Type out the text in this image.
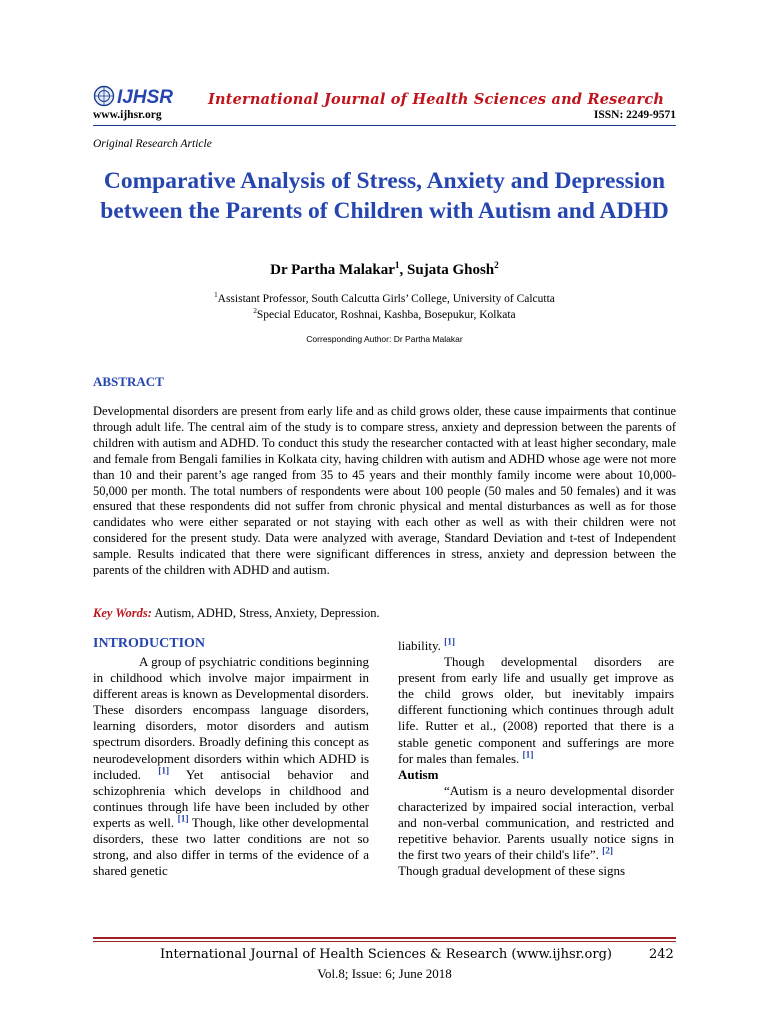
IJHSR International Journal of Health Sciences and Research
www.ijhsr.org	ISSN: 2249-9571
Original Research Article
Comparative Analysis of Stress, Anxiety and Depression between the Parents of Children with Autism and ADHD
Dr Partha Malakar$^1$, Sujata Ghosh$^2$
$^1$Assistant Professor, South Calcutta Girls’ College, University of Calcutta
$^2$Special Educator, Roshnai, Kashba, Bosepukur, Kolkata
Corresponding Author: Dr Partha Malakar
ABSTRACT

Developmental disorders are present from early life and as child grows older, these cause impairments that continue through adult life. The central aim of the study is to compare stress, anxiety and depression between the parents of children with autism and ADHD. To conduct this study the researcher contacted with at least higher secondary, male and female from Bengali families in Kolkata city, having children with autism and ADHD whose age were not more than 10 and their parent’s age ranged from 35 to 45 years and their monthly family income were about 10,000-50,000 per month. The total numbers of respondents were about 100 people (50 males and 50 females) and it was ensured that these respondents did not suffer from chronic physical and mental disturbances as well as for those candidates who were either separated or not staying with each other as well as with their children were not considered for the present study. Data were analyzed with average, Standard Deviation and t-test of Independent sample. Results indicated that there were significant differences in stress, anxiety and depression between the parents of the children with ADHD and autism.

Key Words: Autism, ADHD, Stress, Anxiety, Depression.
INTRODUCTION

A group of psychiatric conditions beginning in childhood which involve major impairment in different areas is known as Developmental disorders. These disorders encompass language disorders, learning disorders, motor disorders and autism spectrum disorders. Broadly defining this concept as neurodevelopment disorders within which ADHD is included. [1] Yet antisocial behavior and schizophrenia which develops in childhood and continues through life have been included by other experts as well. [1] Though, like other developmental disorders, these two latter conditions are not so strong, and also differ in terms of the evidence of a shared genetic

liability. [1]

Though developmental disorders are present from early life and usually get improve as the child grows older, but inevitably impairs different functioning which continues through adult life. Rutter et al., (2008) reported that there is a stable genetic component and sufferings are more for males than females. [1]

Autism

“Autism is a neuro developmental disorder characterized by impaired social interaction, verbal and non-verbal communication, and restricted and repetitive behavior. Parents usually notice signs in the first two years of their child's life”. [2]

Though gradual development of these signs

International Journal of Health Sciences & Research (www.ijhsr.org)	242
Vol.8; Issue: 6; June 2018
